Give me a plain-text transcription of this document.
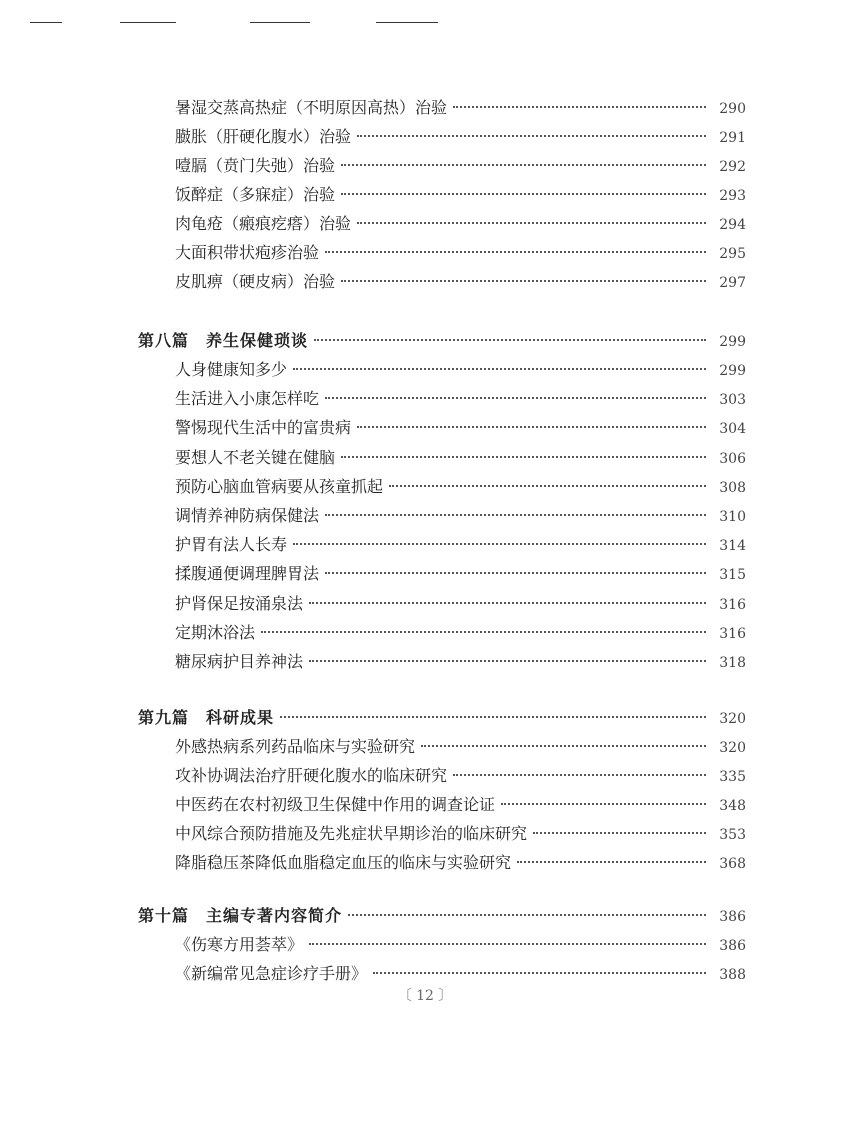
暑湿交蒸高热症（不明原因高热）治验	290
臌胀（肝硬化腹水）治验	291
噎膈（贲门失弛）治验	292
饭醉症（多寐症）治验	293
肉龟疮（瘢痕疙瘩）治验	294
大面积带状疱疹治验	295
皮肌痹（硬皮病）治验	297
第八篇　养生保健琐谈	299
人身健康知多少	299
生活进入小康怎样吃	303
警惕现代生活中的富贵病	304
要想人不老关键在健脑	306
预防心脑血管病要从孩童抓起	308
调情养神防病保健法	310
护胃有法人长寿	314
揉腹通便调理脾胃法	315
护肾保足按涌泉法	316
定期沐浴法	316
糖尿病护目养神法	318
第九篇　科研成果	320
外感热病系列药品临床与实验研究	320
攻补协调法治疗肝硬化腹水的临床研究	335
中医药在农村初级卫生保健中作用的调查论证	348
中风综合预防措施及先兆症状早期诊治的临床研究	353
降脂稳压茶降低血脂稳定血压的临床与实验研究	368
第十篇　主编专著内容简介	386
《伤寒方用荟萃》	386
《新编常见急症诊疗手册》	388
〔 12 〕
